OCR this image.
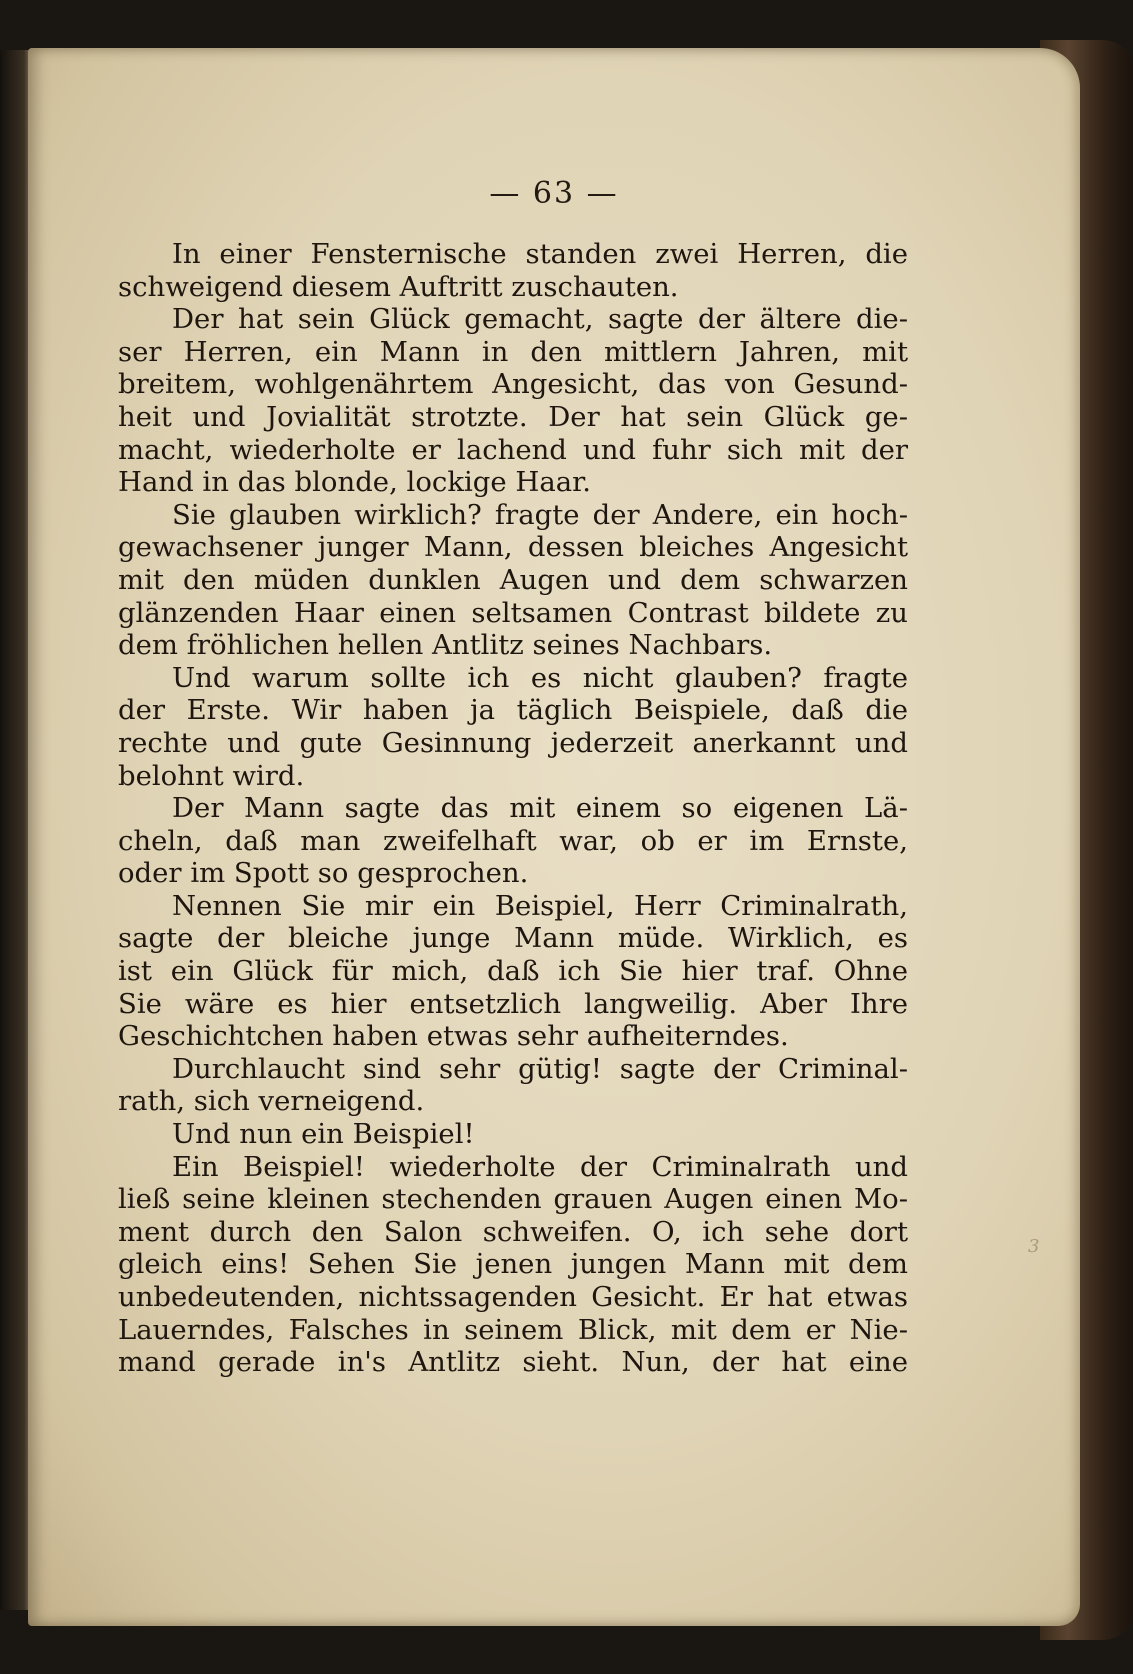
— 63 —
In einer Fensternische standen zwei Herren, die
schweigend diesem Auftritt zuschauten.
Der hat sein Glück gemacht, sagte der ältere die-
ser Herren, ein Mann in den mittlern Jahren, mit
breitem, wohlgenährtem Angesicht, das von Gesund-
heit und Jovialität strotzte. Der hat sein Glück ge-
macht, wiederholte er lachend und fuhr sich mit der
Hand in das blonde, lockige Haar.
Sie glauben wirklich? fragte der Andere, ein hoch-
gewachsener junger Mann, dessen bleiches Angesicht
mit den müden dunklen Augen und dem schwarzen
glänzenden Haar einen seltsamen Contrast bildete zu
dem fröhlichen hellen Antlitz seines Nachbars.
Und warum sollte ich es nicht glauben? fragte
der Erste. Wir haben ja täglich Beispiele, daß die
rechte und gute Gesinnung jederzeit anerkannt und
belohnt wird.
Der Mann sagte das mit einem so eigenen Lä-
cheln, daß man zweifelhaft war, ob er im Ernste,
oder im Spott so gesprochen.
Nennen Sie mir ein Beispiel, Herr Criminalrath,
sagte der bleiche junge Mann müde. Wirklich, es
ist ein Glück für mich, daß ich Sie hier traf. Ohne
Sie wäre es hier entsetzlich langweilig. Aber Ihre
Geschichtchen haben etwas sehr aufheiterndes.
Durchlaucht sind sehr gütig! sagte der Criminal-
rath, sich verneigend.
Und nun ein Beispiel!
Ein Beispiel! wiederholte der Criminalrath und
ließ seine kleinen stechenden grauen Augen einen Mo-
ment durch den Salon schweifen. O, ich sehe dort
gleich eins! Sehen Sie jenen jungen Mann mit dem
unbedeutenden, nichtssagenden Gesicht. Er hat etwas
Lauerndes, Falsches in seinem Blick, mit dem er Nie-
mand gerade in's Antlitz sieht. Nun, der hat eine
3
